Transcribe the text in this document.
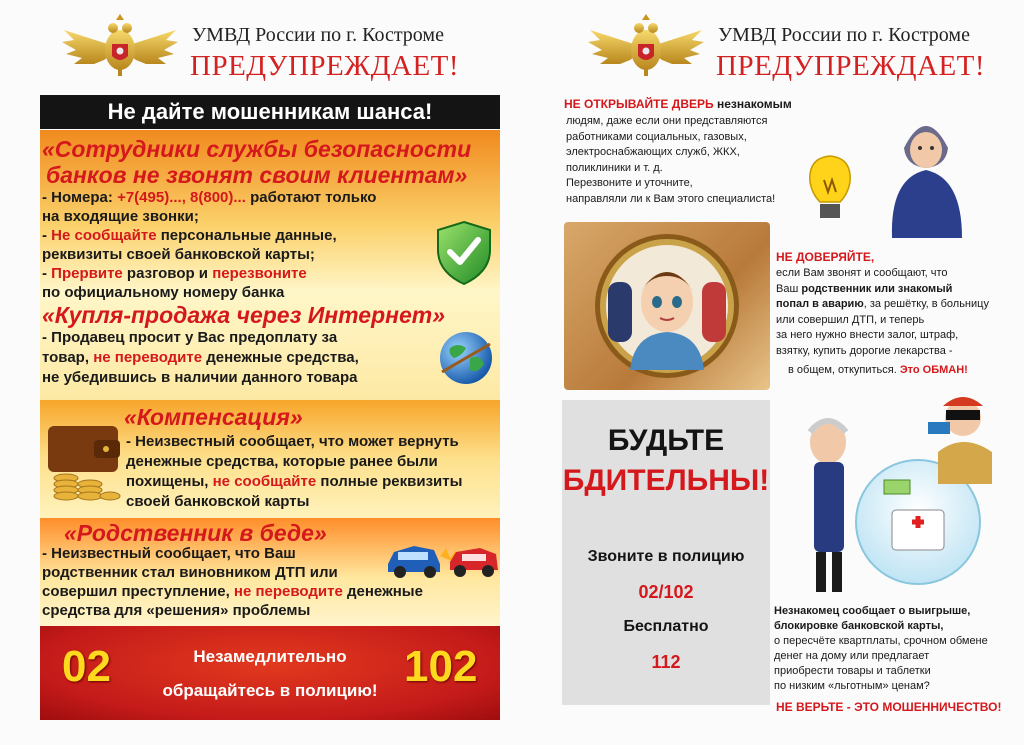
УМВД России по г. Костроме
ПРЕДУПРЕЖДАЕТ!
Не дайте мошенникам шанса!
«Сотрудники службы безопасности
банков не звонят своим клиентам»
- Номера: +7(495)..., 8(800)... работают только
на входящие звонки;
- Не сообщайте персональные данные,
реквизиты своей банковской карты;
- Прервите разговор и перезвоните
по официальному номеру банка
«Купля-продажа через Интернет»
- Продавец просит у Вас предоплату за
товар, не переводите денежные средства,
не убедившись в наличии данного товара
«Компенсация»
- Неизвестный сообщает, что может вернуть
денежные средства, которые ранее были
похищены, не сообщайте полные реквизиты
своей банковской карты
«Родственник в беде»
- Неизвестный сообщает, что Ваш
родственник стал виновником ДТП или
совершил преступление, не переводите денежные
средства для «решения» проблемы
02	Незамедлительно
обращайтесь в полицию! 102
УМВД России по г. Костроме
ПРЕДУПРЕЖДАЕТ!
НЕ ОТКРЫВАЙТЕ ДВЕРЬ незнакомым
людям, даже если они представляются
работниками социальных, газовых,
электроснабжающих служб, ЖКХ,
поликлиники и т. д.
Перезвоните и уточните,
направляли ли к Вам этого специалиста!
НЕ ДОВЕРЯЙТЕ,
если Вам звонят и сообщают, что
Ваш родственник или знакомый
попал в аварию, за решётку, в больницу
или совершил ДТП, и теперь
за него нужно внести залог, штраф,
взятку, купить дорогие лекарства -
в общем, откупиться. Это ОБМАН!
БУДЬТЕ
БДИТЕЛЬНЫ!
Звоните в полицию
02/102
Бесплатно
112
Незнакомец сообщает о выигрыше,
блокировке банковской карты,
о пересчёте квартплаты, срочном обмене
денег на дому или предлагает
приобрести товары и таблетки
по низким «льготным» ценам?
НЕ ВЕРЬТЕ - ЭТО МОШЕННИЧЕСТВО!
